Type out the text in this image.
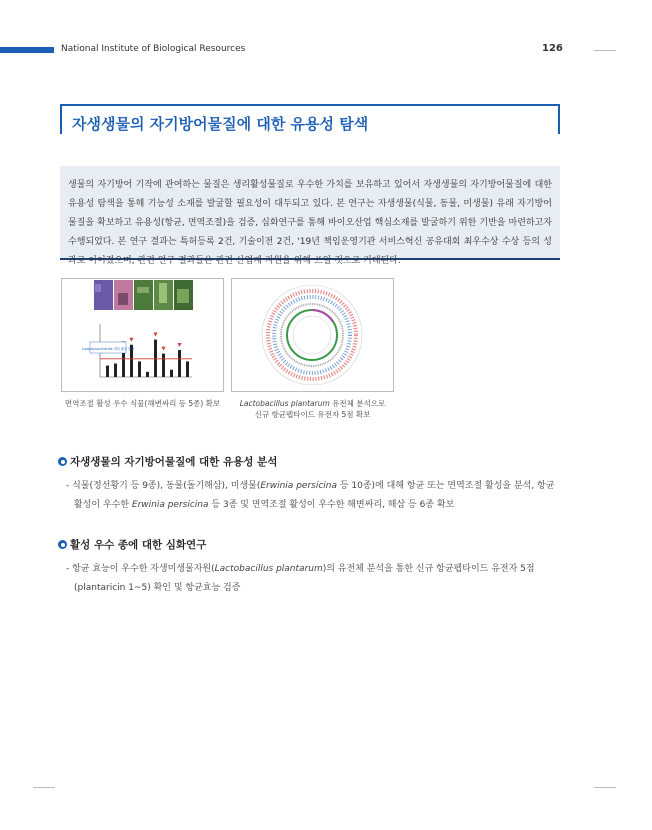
National Institute of Biological Resources	126
자생생물의 자기방어물질에 대한 유용성 탐색
생물의 자기방어 기작에 관여하는 물질은 생리활성물질로 우수한 가치를 보유하고 있어서 자생생물의 자기방어물질에 대한 유용성 탐색을 통해 기능성 소재를 발굴할 필요성이 대두되고 있다. 본 연구는 자생생물(식물, 동물, 미생물) 유래 자기방어 물질을 확보하고 유용성(항균, 면역조절)을 검증, 심화연구를 통해 바이오산업 핵심소재를 발굴하기 위한 기반을 마련하고자 수행되었다. 본 연구 결과는 특허등록 2건, 기술이전 2건, '19년 책임운영기관 서비스혁신 공유대회 최우수상 수상 등의 성과로 이어졌으며, 관련 연구 결과들은 관련 산업계 지원을 위해 쓰일 것으로 기대된다.
Lipopolysaccharide 대비 활성 증가
면역조절 활성 우수 식물(해변싸리 등 5종) 확보	Lactobacillus plantarum 유전체 분석으로
신규 항균펩타이드 유전자 5점 확보
자생생물의 자기방어물질에 대한 유용성 분석
- 식물(정선황기 등 9종), 동물(돌기해삼), 미생물(Erwinia persicina 등 10종)에 대해 항균 또는 면역조절 활성을 분석, 항균
활성이 우수한 Erwinia persicina 등 3종 및 면역조절 활성이 우수한 해변싸리, 해삼 등 6종 확보
활성 우수 종에 대한 심화연구
- 항균 효능이 우수한 자생미생물자원(Lactobacillus plantarum)의 유전체 분석을 통한 신규 항균펩타이드 유전자 5점
(plantaricin 1~5) 확인 및 항균효능 검증
